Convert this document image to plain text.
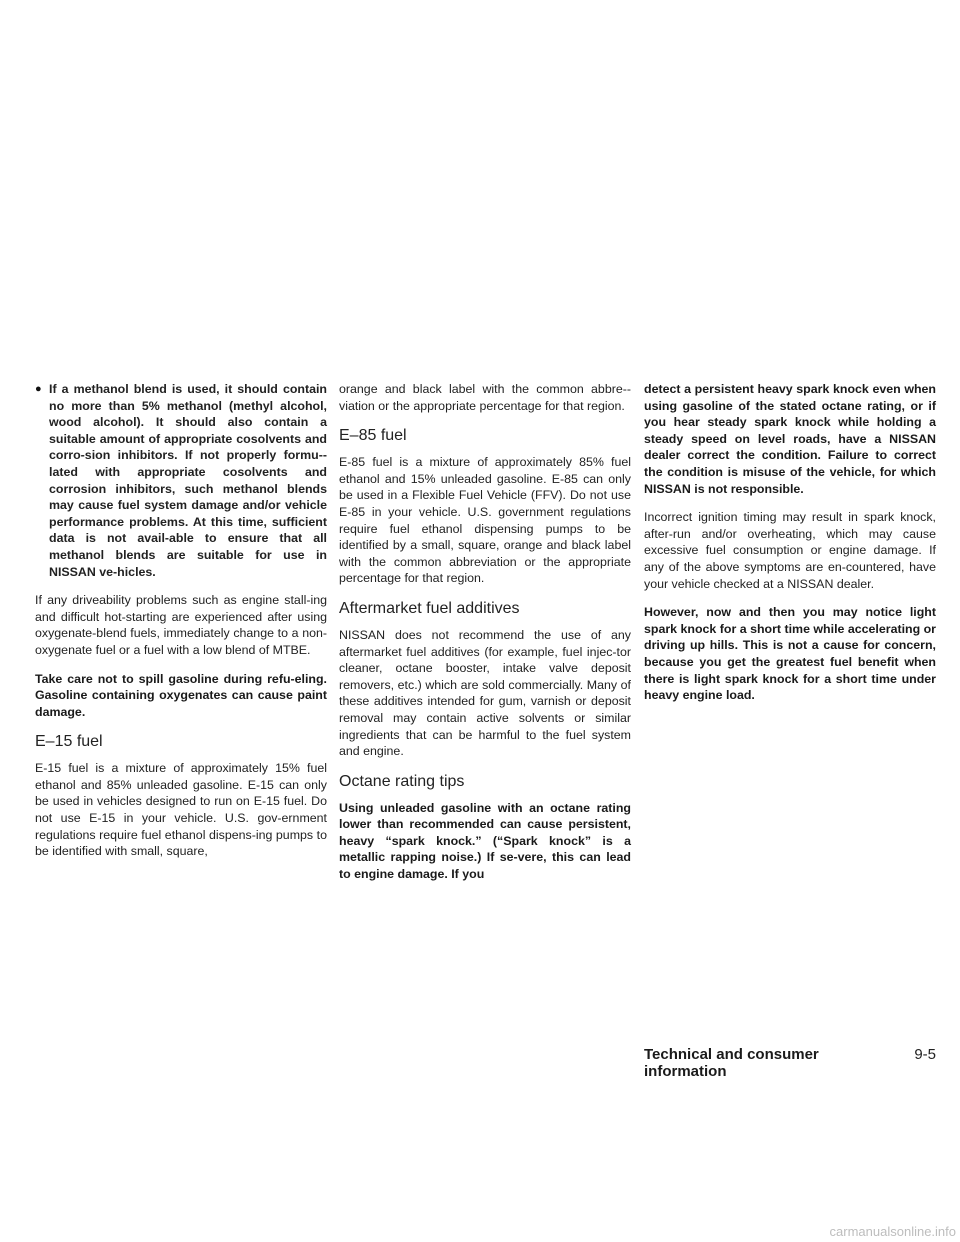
● If a methanol blend is used, it should contain no more than 5% methanol (methyl alcohol, wood alcohol). It should also contain a suitable amount of appropriate cosolvents and corro-sion inhibitors. If not properly formu-lated with appropriate cosolvents and corrosion inhibitors, such methanol blends may cause fuel system damage and/or vehicle performance problems. At this time, sufficient data is not avail-able to ensure that all methanol blends are suitable for use in NISSAN ve-hicles.

If any driveability problems such as engine stall-ing and difficult hot-starting are experienced after using oxygenate-blend fuels, immediately change to a non-oxygenate fuel or a fuel with a low blend of MTBE.

Take care not to spill gasoline during refu-eling. Gasoline containing oxygenates can cause paint damage.

E–15 fuel

E-15 fuel is a mixture of approximately 15% fuel ethanol and 85% unleaded gasoline. E-15 can only be used in vehicles designed to run on E-15 fuel. Do not use E-15 in your vehicle. U.S. gov-ernment regulations require fuel ethanol dispens-ing pumps to be identified with small, square,

orange and black label with the common abbre-viation or the appropriate percentage for that region.

E–85 fuel

E-85 fuel is a mixture of approximately 85% fuel ethanol and 15% unleaded gasoline. E-85 can only be used in a Flexible Fuel Vehicle (FFV). Do not use E-85 in your vehicle. U.S. government regulations require fuel ethanol dispensing pumps to be identified by a small, square, orange and black label with the common abbreviation or the appropriate percentage for that region.

Aftermarket fuel additives

NISSAN does not recommend the use of any aftermarket fuel additives (for example, fuel injec-tor cleaner, octane booster, intake valve deposit removers, etc.) which are sold commercially. Many of these additives intended for gum, varnish or deposit removal may contain active solvents or similar ingredients that can be harmful to the fuel system and engine.

Octane rating tips

Using unleaded gasoline with an octane rating lower than recommended can cause persistent, heavy “spark knock.” (“Spark knock” is a metallic rapping noise.) If se-vere, this can lead to engine damage. If you

detect a persistent heavy spark knock even when using gasoline of the stated octane rating, or if you hear steady spark knock while holding a steady speed on level roads, have a NISSAN dealer correct the condition. Failure to correct the condition is misuse of the vehicle, for which NISSAN is not responsible.

Incorrect ignition timing may result in spark knock, after-run and/or overheating, which may cause excessive fuel consumption or engine damage. If any of the above symptoms are en-countered, have your vehicle checked at a NISSAN dealer.

However, now and then you may notice light spark knock for a short time while accelerating or driving up hills. This is not a cause for concern, because you get the greatest fuel benefit when there is light spark knock for a short time under heavy engine load.

Technical and consumer information
9-5
carmanualsonline.info
